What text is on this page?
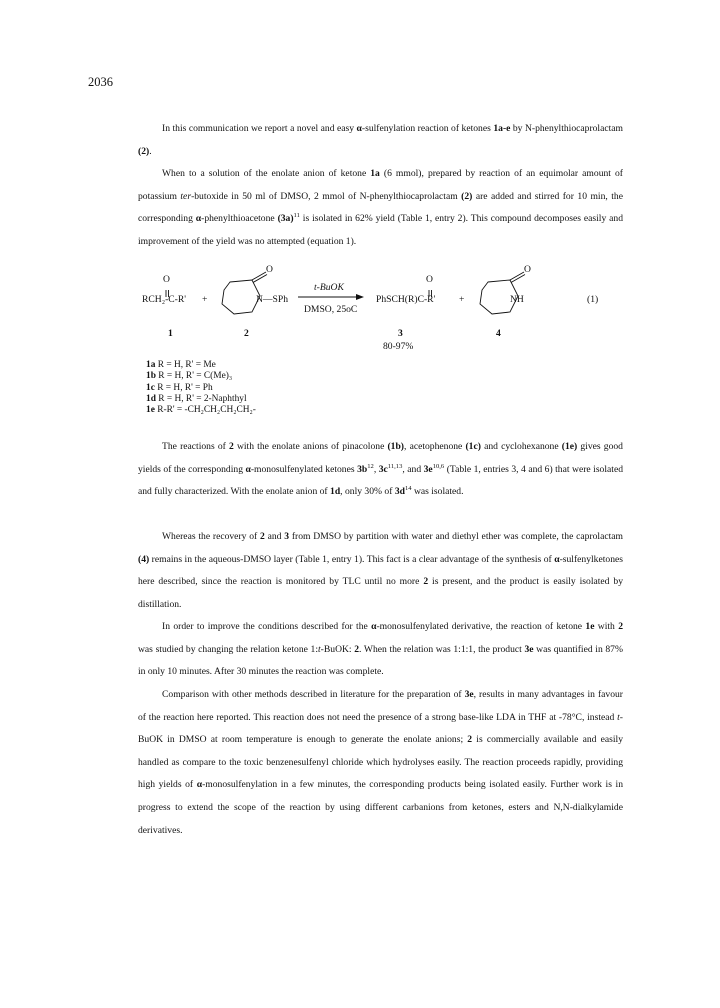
2036

In this communication we report a novel and easy α-sulfenylation reaction of ketones 1a-e by N-phenylthiocaprolactam (2).

When to a solution of the enolate anion of ketone 1a (6 mmol), prepared by reaction of an equimolar amount of potassium ter-butoxide in 50 ml of DMSO, 2 mmol of N-phenylthiocaprolactam (2) are added and stirred for 10 min, the corresponding α-phenylthioacetone $(3a)^{11}$ is isolated in 62% yield (Table 1, entry 2). This compound decomposes easily and improvement of the yield was no attempted (equation 1).

O
RCH₂-C-R' +
O
N—SPh
t-BuOK
DMSO, 25oC
O
PhSCH(R)C-R' +
O
NH	(1)
1	2	3	4
80-97%
1a R = H, R' = Me
1b R = H, R' = C(Me)₃
1c R = H, R' = Ph
1d R = H, R' = 2-Naphthyl
1e R-R' = -CH₂CH₂CH₂CH₂-

The reactions of 2 with the enolate anions of pinacolone (1b), acetophenone (1c) and cyclohexanone (1e) gives good yields of the corresponding α-monosulfenylated ketones $3b^{12}$, $3c^{11,13}$, and $3e^{10,6}$ (Table 1, entries 3, 4 and 6) that were isolated and fully characterized. With the enolate anion of 1d, only 30% of $3d^{14}$ was isolated.

Whereas the recovery of 2 and 3 from DMSO by partition with water and diethyl ether was complete, the caprolactam (4) remains in the aqueous-DMSO layer (Table 1, entry 1). This fact is a clear advantage of the synthesis of α-sulfenylketones here described, since the reaction is monitored by TLC until no more 2 is present, and the product is easily isolated by distillation.

In order to improve the conditions described for the α-monosulfenylated derivative, the reaction of ketone 1e with 2 was studied by changing the relation ketone 1:t-BuOK: 2. When the relation was 1:1:1, the product 3e was quantified in 87% in only 10 minutes. After 30 minutes the reaction was complete.

Comparison with other methods described in literature for the preparation of 3e, results in many advantages in favour of the reaction here reported. This reaction does not need the presence of a strong base-like LDA in THF at -78°C, instead t-BuOK in DMSO at room temperature is enough to generate the enolate anions; 2 is commercially available and easily handled as compare to the toxic benzenesulfenyl chloride which hydrolyses easily. The reaction proceeds rapidly, providing high yields of α-monosulfenylation in a few minutes, the corresponding products being isolated easily. Further work is in progress to extend the scope of the reaction by using different carbanions from ketones, esters and N,N-dialkylamide derivatives.
